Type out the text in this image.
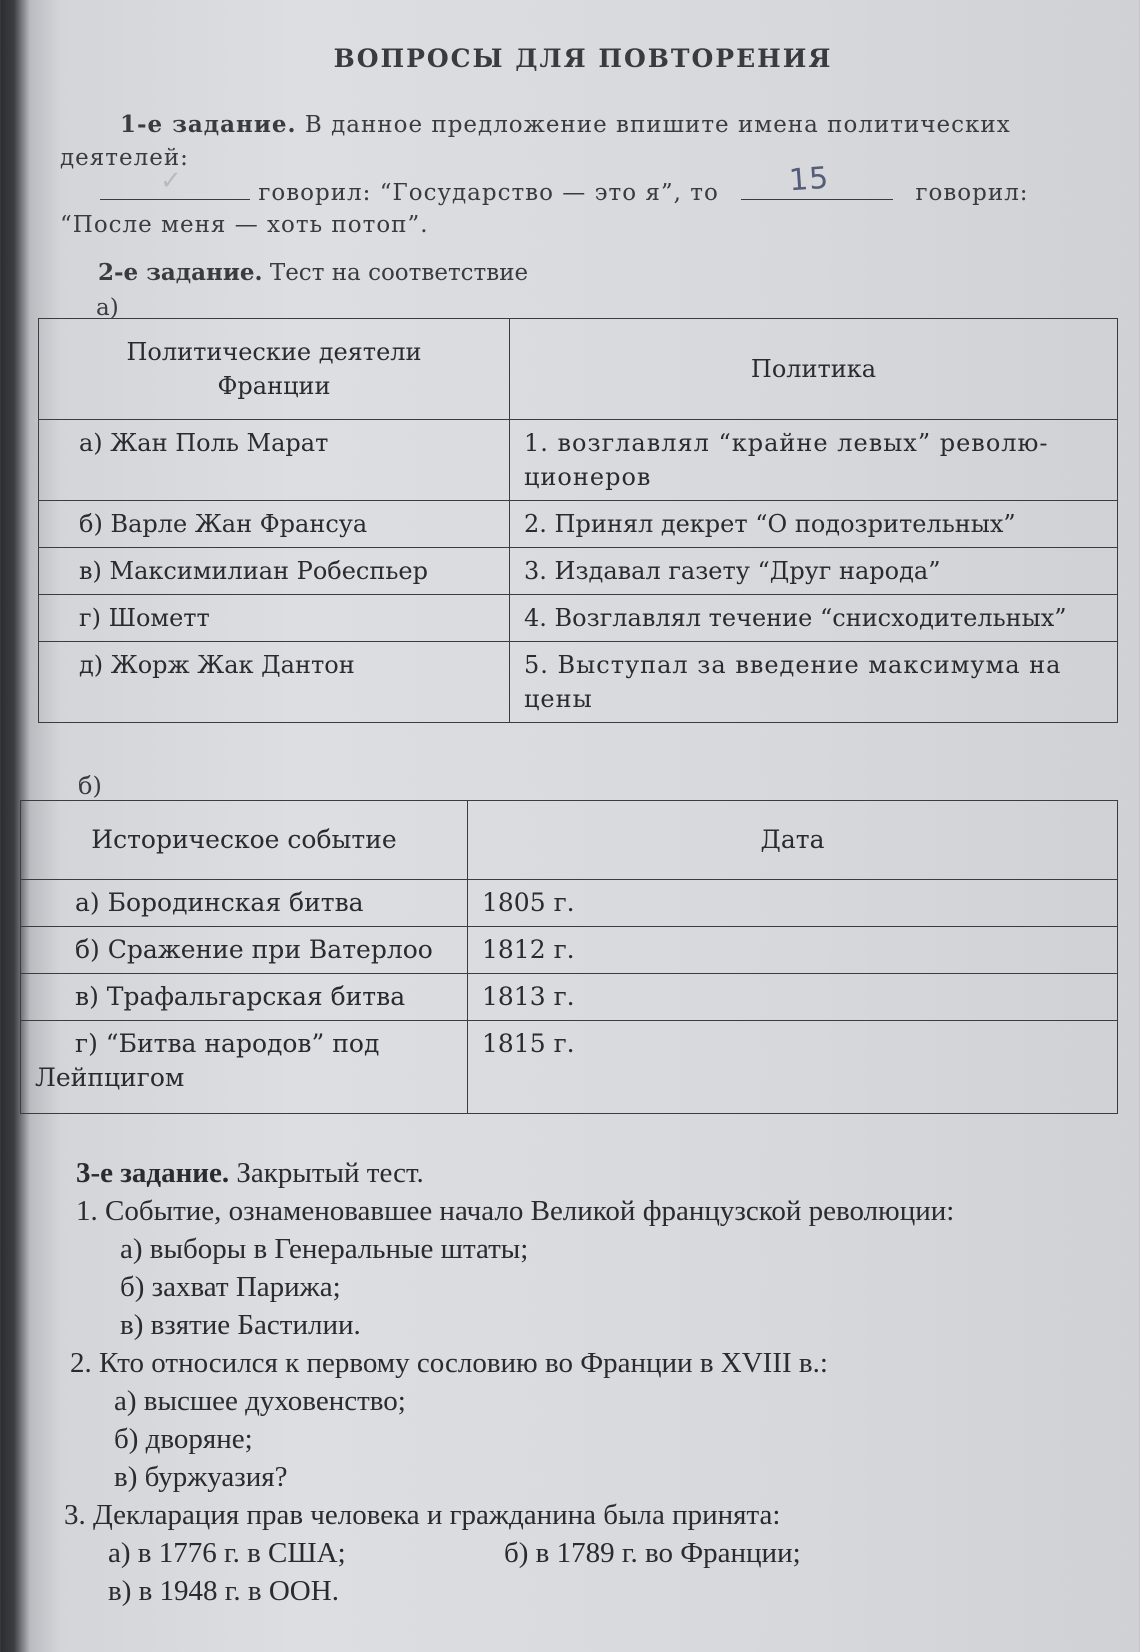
ВОПРОСЫ ДЛЯ ПОВТОРЕНИЯ
1-е задание. В данное предложение впишите имена политических деятелей:
✓	говорил: “Государство — это я”, то 15	говорил:
“После меня — хоть потоп”.
2-е задание. Тест на соответствие
а)
Политические деятели Франции	Политика
а) Жан Поль Марат	1. возглавлял “крайне левых” револю-ционеров
б) Варле Жан Франсуа	2. Принял декрет “О подозрительных”
в) Максимилиан Робеспьер	3. Издавал газету “Друг народа”
г) Шометт	4. Возглавлял течение “снисходительных”
д) Жорж Жак Дантон	5. Выступал за введение максимума на цены
б)
Историческое событие	Дата
а) Бородинская битва	1805 г.
б) Сражение при Ватерлоо	1812 г.
в) Трафальгарская битва	1813 г.
г) “Битва народов” под Лейпцигом	1815 г.
3-е задание. Закрытый тест.
1. Событие, ознаменовавшее начало Великой французской революции:
а) выборы в Генеральные штаты;
б) захват Парижа;
в) взятие Бастилии.
2. Кто относился к первому сословию во Франции в XVIII в.:
а) высшее духовенство;
б) дворяне;
в) буржуазия?
3. Декларация прав человека и гражданина была принята:
а) в 1776 г. в США;	б) в 1789 г. во Франции;
в) в 1948 г. в ООН.
